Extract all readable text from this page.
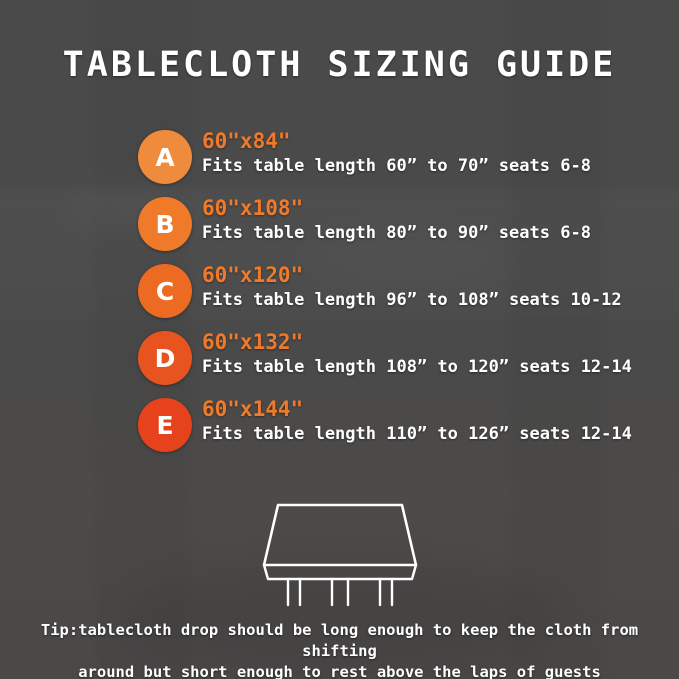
TABLECLOTH SIZING GUIDE
A
60"x84"
Fits table length 60” to 70” seats 6-8
B
60"x108"
Fits table length 80” to 90” seats 6-8
C
60"x120"
Fits table length 96” to 108” seats 10-12
D
60"x132"
Fits table length 108” to 120” seats 12-14
E
60"x144"
Fits table length 110” to 126” seats 12-14
Tip:tablecloth drop should be long enough to keep the cloth from shifting
around but short enough to rest above the laps of guests
